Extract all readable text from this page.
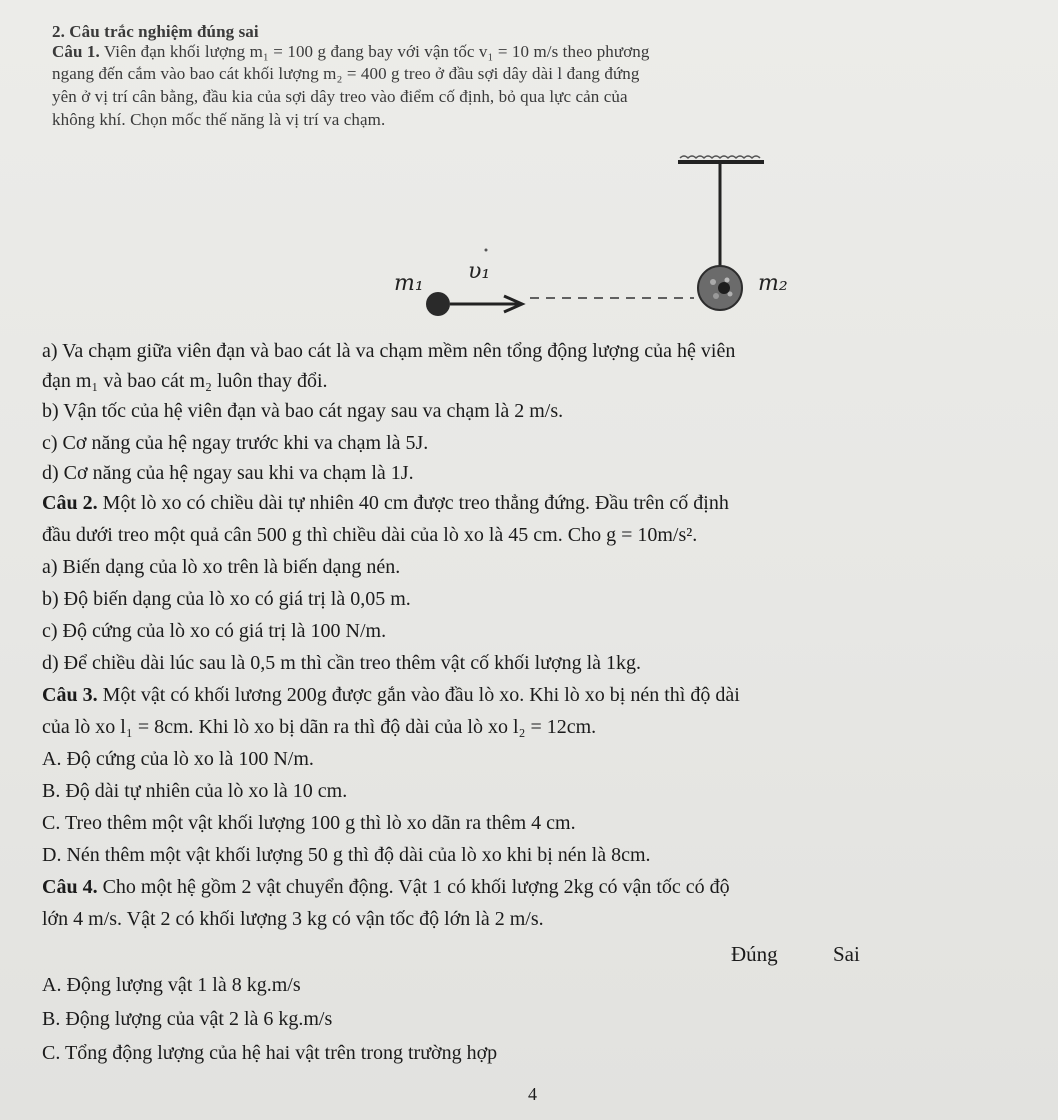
2. Câu trắc nghiệm đúng sai
Câu 1. Viên đạn khối lượng m₁ = 100 g đang bay với vận tốc v₁ = 10 m/s theo phương
ngang đến cắm vào bao cát khối lượng m₂ = 400 g treo ở đầu sợi dây dài l đang đứng
yên ở vị trí cân bằng, đầu kia của sợi dây treo vào điểm cố định, bỏ qua lực cản của
không khí. Chọn mốc thế năng là vị trí va chạm.
m₁ υ₁	m₂
a) Va chạm giữa viên đạn và bao cát là va chạm mềm nên tổng động lượng của hệ viên
đạn m₁ và bao cát m₂ luôn thay đổi.
b) Vận tốc của hệ viên đạn và bao cát ngay sau va chạm là 2 m/s.
c) Cơ năng của hệ ngay trước khi va chạm là 5J.
d) Cơ năng của hệ ngay sau khi va chạm là 1J.
Câu 2. Một lò xo có chiều dài tự nhiên 40 cm được treo thẳng đứng. Đầu trên cố định
đầu dưới treo một quả cân 500 g thì chiều dài của lò xo là 45 cm. Cho g = 10m/s².
a) Biến dạng của lò xo trên là biến dạng nén.
b) Độ biến dạng của lò xo có giá trị là 0,05 m.
c) Độ cứng của lò xo có giá trị là 100 N/m.
d) Để chiều dài lúc sau là 0,5 m thì cần treo thêm vật cố khối lượng là 1kg.
Câu 3. Một vật có khối lương 200g được gắn vào đầu lò xo. Khi lò xo bị nén thì độ dài
của lò xo l₁ = 8cm. Khi lò xo bị dãn ra thì độ dài của lò xo l₂ = 12cm.
A. Độ cứng của lò xo là 100 N/m.
B. Độ dài tự nhiên của lò xo là 10 cm.
C. Treo thêm một vật khối lượng 100 g thì lò xo dãn ra thêm 4 cm.
D. Nén thêm một vật khối lượng 50 g thì độ dài của lò xo khi bị nén là 8cm.
Câu 4. Cho một hệ gồm 2 vật chuyển động. Vật 1 có khối lượng 2kg có vận tốc có độ
lớn 4 m/s. Vật 2 có khối lượng 3 kg có vận tốc độ lớn là 2 m/s.
Đúng	Sai
A. Động lượng vật 1 là 8 kg.m/s
B. Động lượng của vật 2 là 6 kg.m/s
C. Tổng động lượng của hệ hai vật trên trong trường hợp
4
